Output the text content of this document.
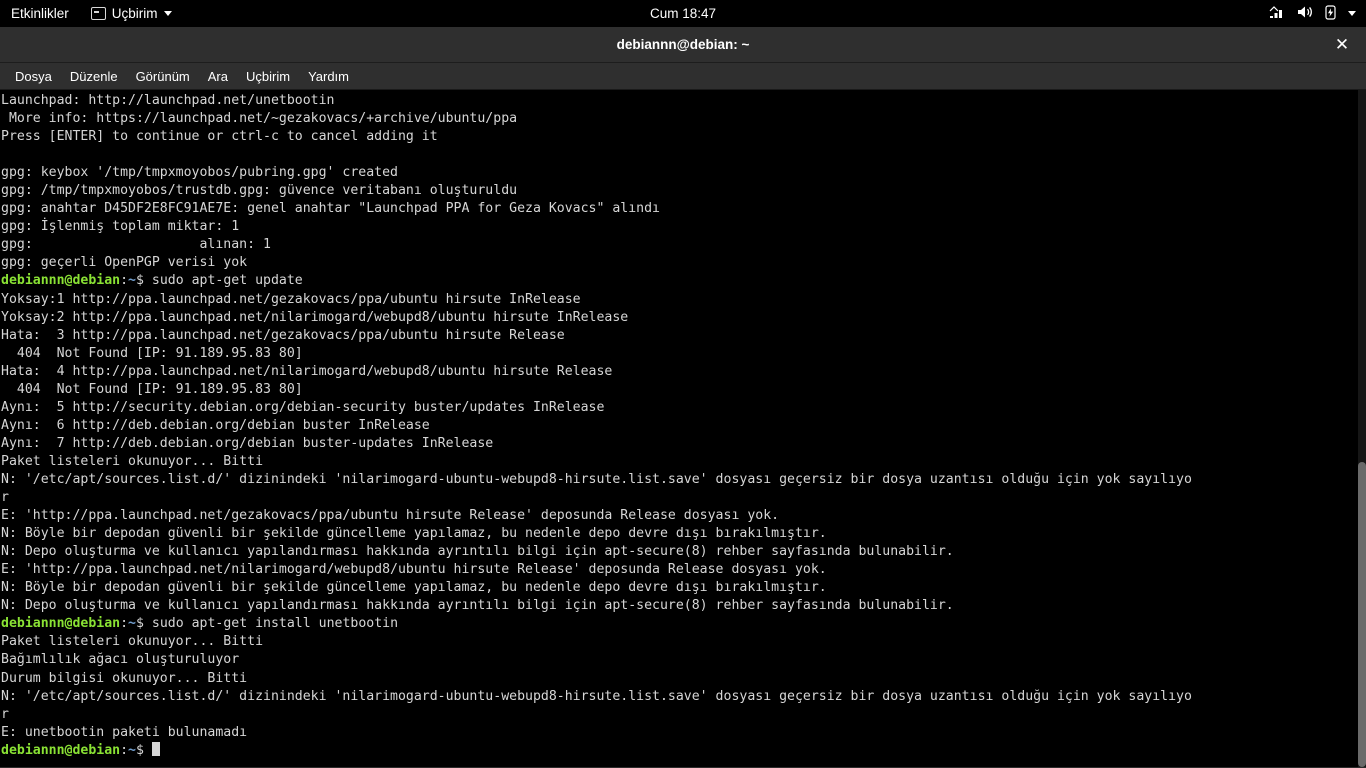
Etkinlikler	Uçbirim	Cum 18:47
debiannn@debian: ~	✕
Dosya Düzenle Görünüm Ara Uçbirim Yardım
Launchpad: http://launchpad.net/unetbootin
More info: https://launchpad.net/~gezakovacs/+archive/ubuntu/ppa
Press [ENTER] to continue or ctrl-c to cancel adding it
gpg: keybox '/tmp/tmpxmoyobos/pubring.gpg' created
gpg: /tmp/tmpxmoyobos/trustdb.gpg: güvence veritabanı oluşturuldu
gpg: anahtar D45DF2E8FC91AE7E: genel anahtar "Launchpad PPA for Geza Kovacs" alındı
gpg: İşlenmiş toplam miktar: 1
gpg:                     alınan: 1
gpg: geçerli OpenPGP verisi yok
debiannn@debian:~$ sudo apt-get update
Yoksay:1 http://ppa.launchpad.net/gezakovacs/ppa/ubuntu hirsute InRelease
Yoksay:2 http://ppa.launchpad.net/nilarimogard/webupd8/ubuntu hirsute InRelease
Hata:  3 http://ppa.launchpad.net/gezakovacs/ppa/ubuntu hirsute Release
404  Not Found [IP: 91.189.95.83 80]
Hata:  4 http://ppa.launchpad.net/nilarimogard/webupd8/ubuntu hirsute Release
404  Not Found [IP: 91.189.95.83 80]
Aynı:  5 http://security.debian.org/debian-security buster/updates InRelease
Aynı:  6 http://deb.debian.org/debian buster InRelease
Aynı:  7 http://deb.debian.org/debian buster-updates InRelease
Paket listeleri okunuyor... Bitti
N: '/etc/apt/sources.list.d/' dizinindeki 'nilarimogard-ubuntu-webupd8-hirsute.list.save' dosyası geçersiz bir dosya uzantısı olduğu için yok sayılıyo
r
E: 'http://ppa.launchpad.net/gezakovacs/ppa/ubuntu hirsute Release' deposunda Release dosyası yok.
N: Böyle bir depodan güvenli bir şekilde güncelleme yapılamaz, bu nedenle depo devre dışı bırakılmıştır.
N: Depo oluşturma ve kullanıcı yapılandırması hakkında ayrıntılı bilgi için apt-secure(8) rehber sayfasında bulunabilir.
E: 'http://ppa.launchpad.net/nilarimogard/webupd8/ubuntu hirsute Release' deposunda Release dosyası yok.
N: Böyle bir depodan güvenli bir şekilde güncelleme yapılamaz, bu nedenle depo devre dışı bırakılmıştır.
N: Depo oluşturma ve kullanıcı yapılandırması hakkında ayrıntılı bilgi için apt-secure(8) rehber sayfasında bulunabilir.
debiannn@debian:~$ sudo apt-get install unetbootin
Paket listeleri okunuyor... Bitti
Bağımlılık ağacı oluşturuluyor
Durum bilgisi okunuyor... Bitti
N: '/etc/apt/sources.list.d/' dizinindeki 'nilarimogard-ubuntu-webupd8-hirsute.list.save' dosyası geçersiz bir dosya uzantısı olduğu için yok sayılıyo
r
E: unetbootin paketi bulunamadı
debiannn@debian:~$
